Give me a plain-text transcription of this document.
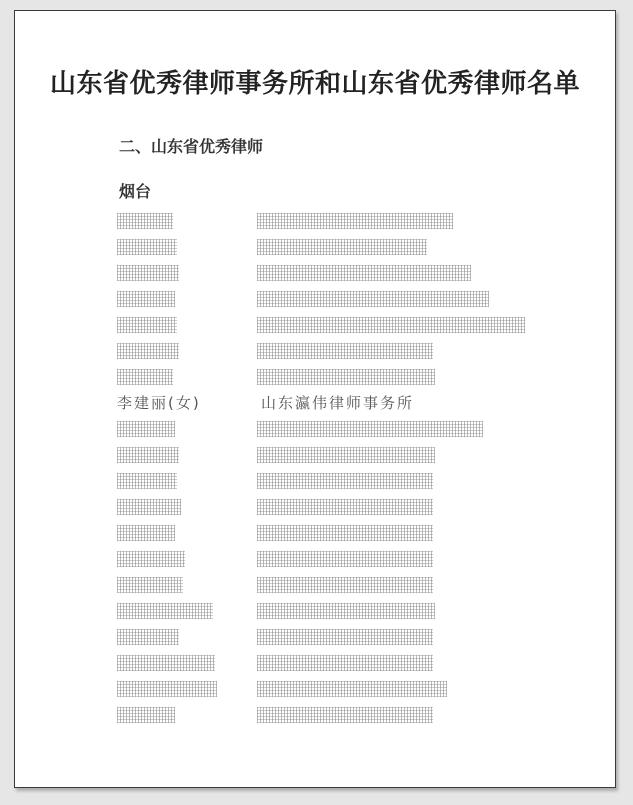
山东省优秀律师事务所和山东省优秀律师名单
二、山东省优秀律师
烟台
李建丽(女)	山东瀛伟律师事务所
